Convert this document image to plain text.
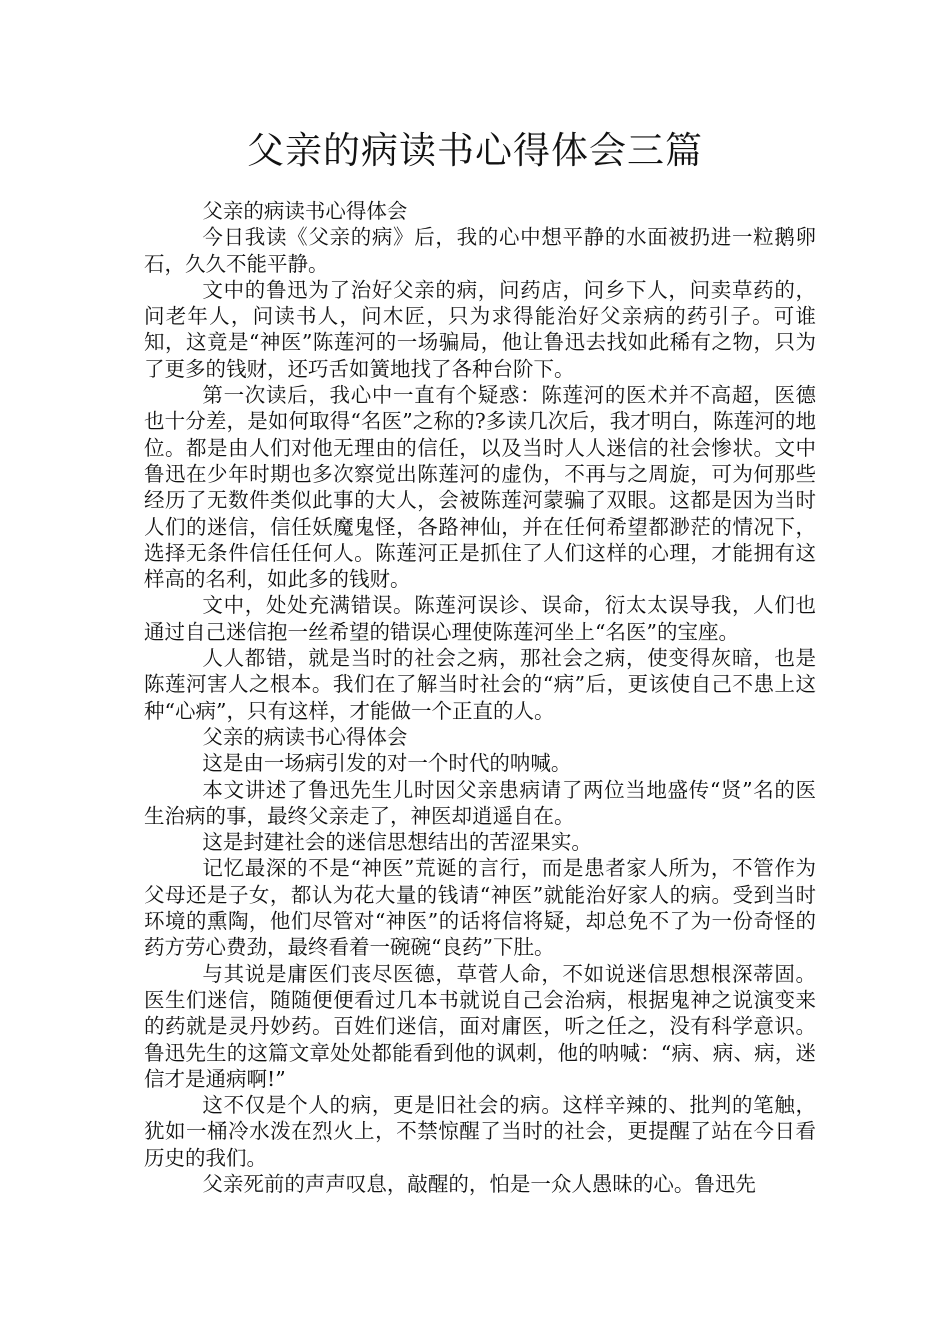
父亲的病读书心得体会三篇

父亲的病读书心得体会

今日我读《父亲的病》后，我的心中想平静的水面被扔进一粒鹅卵石，久久不能平静。

文中的鲁迅为了治好父亲的病，问药店，问乡下人，问卖草药的，问老年人，问读书人，问木匠，只为求得能治好父亲病的药引子。可谁知，这竟是“神医”陈莲河的一场骗局，他让鲁迅去找如此稀有之物，只为了更多的钱财，还巧舌如簧地找了各种台阶下。

第一次读后，我心中一直有个疑惑：陈莲河的医术并不高超，医德也十分差，是如何取得“名医”之称的?多读几次后，我才明白，陈莲河的地位。都是由人们对他无理由的信任，以及当时人人迷信的社会惨状。文中鲁迅在少年时期也多次察觉出陈莲河的虚伪，不再与之周旋，可为何那些经历了无数件类似此事的大人，会被陈莲河蒙骗了双眼。这都是因为当时人们的迷信，信任妖魔鬼怪，各路神仙，并在任何希望都渺茫的情况下，选择无条件信任任何人。陈莲河正是抓住了人们这样的心理，才能拥有这样高的名利，如此多的钱财。

文中，处处充满错误。陈莲河误诊、误命，衍太太误导我，人们也通过自己迷信抱一丝希望的错误心理使陈莲河坐上“名医”的宝座。

人人都错，就是当时的社会之病，那社会之病，使变得灰暗，也是陈莲河害人之根本。我们在了解当时社会的“病”后，更该使自己不患上这种“心病”，只有这样，才能做一个正直的人。

父亲的病读书心得体会

这是由一场病引发的对一个时代的呐喊。

本文讲述了鲁迅先生儿时因父亲患病请了两位当地盛传“贤”名的医生治病的事，最终父亲走了，神医却逍遥自在。

这是封建社会的迷信思想结出的苦涩果实。

记忆最深的不是“神医”荒诞的言行，而是患者家人所为，不管作为父母还是子女，都认为花大量的钱请“神医”就能治好家人的病。受到当时环境的熏陶，他们尽管对“神医”的话将信将疑，却总免不了为一份奇怪的药方劳心费劲，最终看着一碗碗“良药”下肚。

与其说是庸医们丧尽医德，草菅人命，不如说迷信思想根深蒂固。医生们迷信，随随便便看过几本书就说自己会治病，根据鬼神之说演变来的药就是灵丹妙药。百姓们迷信，面对庸医，听之任之，没有科学意识。鲁迅先生的这篇文章处处都能看到他的讽刺，他的呐喊：“病、病、病，迷信才是通病啊!”

这不仅是个人的病，更是旧社会的病。这样辛辣的、批判的笔触，犹如一桶冷水泼在烈火上，不禁惊醒了当时的社会，更提醒了站在今日看历史的我们。

父亲死前的声声叹息，敲醒的，怕是一众人愚昧的心。鲁迅先
